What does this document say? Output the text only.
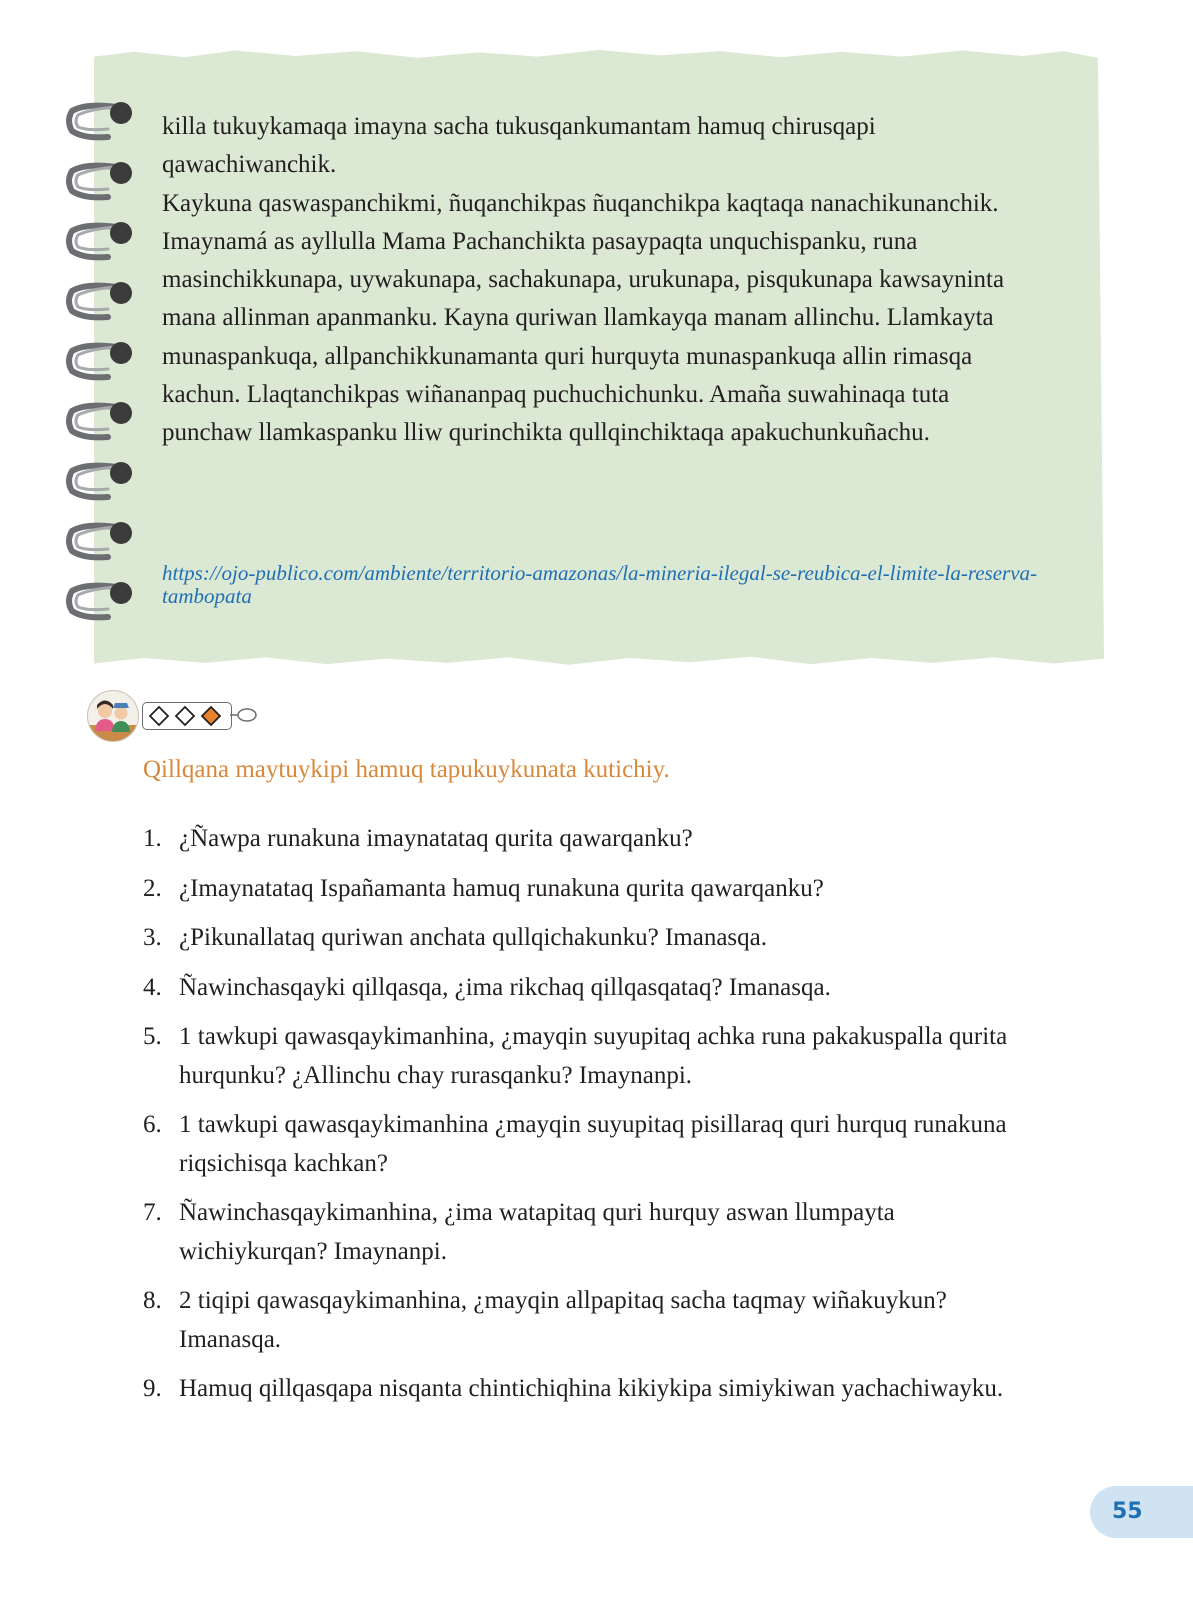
killa tukuykamaqa imayna sacha tukusqankumantam hamuq chirusqapi qawachiwanchik.

Kaykuna qaswaspanchikmi, ñuqanchikpas ñuqanchikpa kaqtaqa nanachikunanchik. Imaynamá as ayllulla Mama Pachanchikta pasaypaqta unquchispanku, runa masinchikkunapa, uywakunapa, sachakunapa, urukunapa, pisqukunapa kawsayninta mana allinman apanmanku. Kayna quriwan llamkayqa manam allinchu. Llamkayta munaspankuqa, allpanchikkunamanta quri hurquyta munaspankuqa allin rimasqa kachun. Llaqtanchikpas wiñananpaq puchuchichunku. Amaña suwahinaqa tuta punchaw llamkaspanku lliw qurinchikta qullqinchiktaqa apakuchunkuñachu.

https://ojo-publico.com/ambiente/territorio-amazonas/la-mineria-ilegal-se-reubica-el-limite-la-reserva-tambopata

Qillqana maytuykipi hamuq tapukuykunata kutichiy.

1. ¿Ñawpa runakuna imaynatataq qurita qawarqanku?
2. ¿Imaynatataq Ispañamanta hamuq runakuna qurita qawarqanku?
3. ¿Pikunallataq quriwan anchata qullqichakunku? Imanasqa.
4. Ñawinchasqayki qillqasqa, ¿ima rikchaq qillqasqataq? Imanasqa.
5. 1 tawkupi qawasqaykimanhina, ¿mayqin suyupitaq achka runa pakakuspalla qurita hurqunku? ¿Allinchu chay rurasqanku? Imaynanpi.
6. 1 tawkupi qawasqaykimanhina ¿mayqin suyupitaq pisillaraq quri hurquq runakuna riqsichisqa kachkan?
7. Ñawinchasqaykimanhina, ¿ima watapitaq quri hurquy aswan llumpayta wichiykurqan? Imaynanpi.
8. 2 tiqipi qawasqaykimanhina, ¿mayqin allpapitaq sacha taqmay wiñakuykun? Imanasqa.
9. Hamuq qillqasqapa nisqanta chintichiqhina kikiykipa simiykiwan yachachiwayku.
55
